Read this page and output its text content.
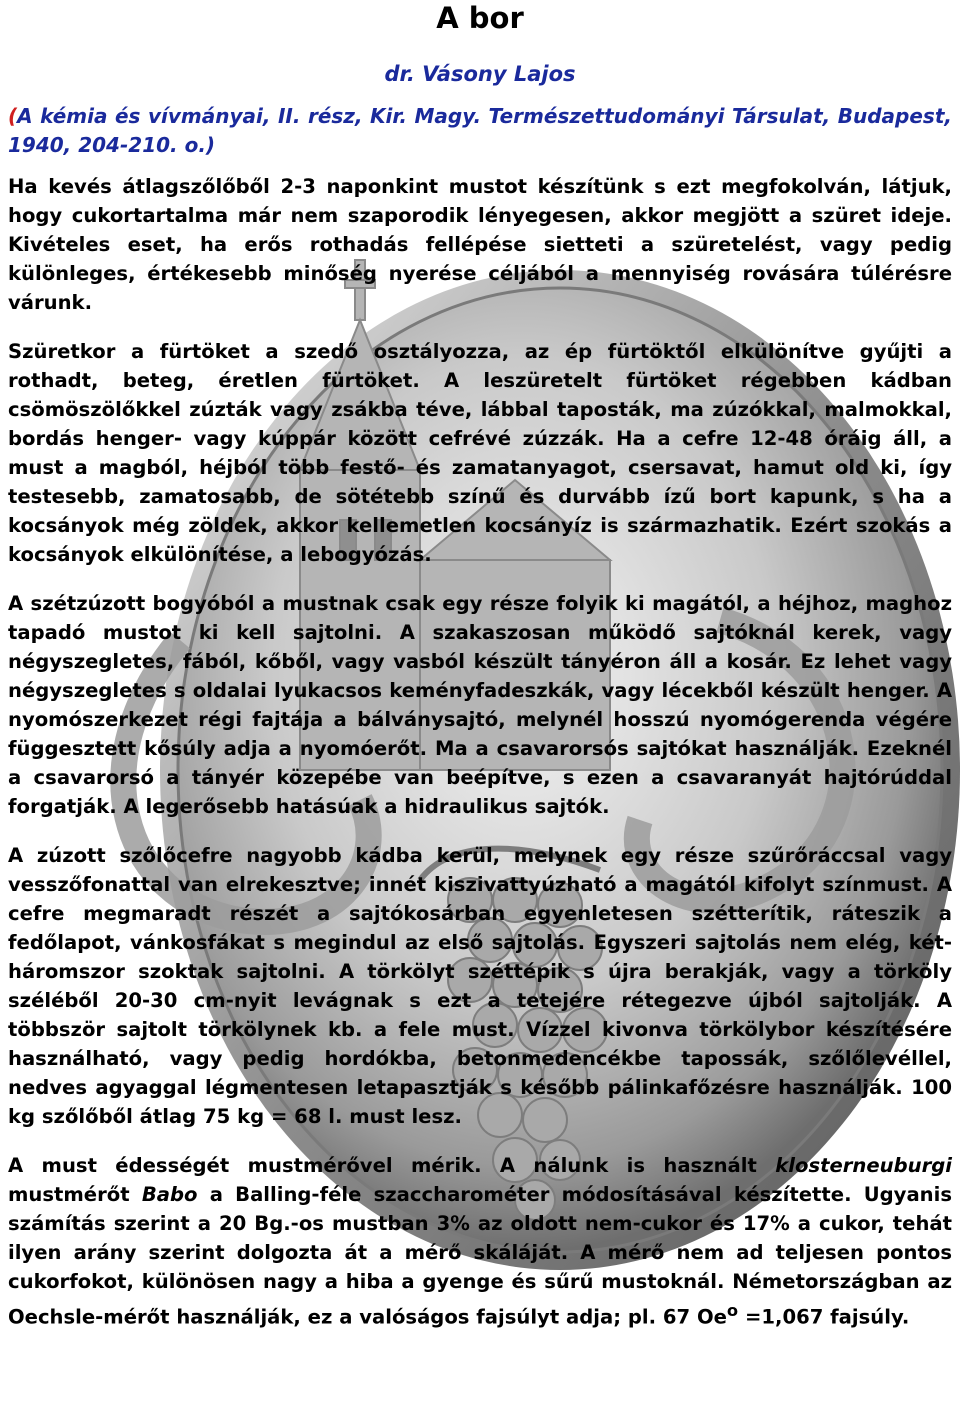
A bor
dr. Vásony Lajos
(A kémia és vívmányai, II. rész, Kir. Magy. Természettudományi Társulat, Budapest, 1940, 204-210. o.)

Ha kevés átlagszőlőből 2-3 naponkint mustot készítünk s ezt megfokolván, látjuk, hogy cukortartalma már nem szaporodik lényegesen, akkor megjött a szüret ideje. Kivételes eset, ha erős rothadás fellépése sietteti a szüretelést, vagy pedig különleges, értékesebb minőség nyerése céljából a mennyiség rovására túlérésre várunk.

Szüretkor a fürtöket a szedő osztályozza, az ép fürtöktől elkülönítve gyűjti a rothadt, beteg, éretlen fürtöket. A leszüretelt fürtöket régebben kádban csömöszölőkkel zúzták vagy zsákba téve, lábbal taposták, ma zúzókkal, malmokkal, bordás henger- vagy kúppár között cefrévé zúzzák. Ha a cefre 12-48 óráig áll, a must a magból, héjból több festő- és zamatanyagot, csersavat, hamut old ki, így testesebb, zamatosabb, de sötétebb színű és durvább ízű bort kapunk, s ha a kocsányok még zöldek, akkor kellemetlen kocsányíz is származhatik. Ezért szokás a kocsányok elkülönítése, a lebogyózás.

A szétzúzott bogyóból a mustnak csak egy része folyik ki magától, a héjhoz, maghoz tapadó mustot ki kell sajtolni. A szakaszosan működő sajtóknál kerek, vagy négyszegletes, fából, kőből, vagy vasból készült tányéron áll a kosár. Ez lehet vagy négyszegletes s oldalai lyukacsos keményfadeszkák, vagy lécekből készült henger. A nyomószerkezet régi fajtája a bálványsajtó, melynél hosszú nyomógerenda végére függesztett kősúly adja a nyomóerőt. Ma a csavarorsós sajtókat használják. Ezeknél a csavarorsó a tányér közepébe van beépítve, s ezen a csavaranyát hajtórúddal forgatják. A legerősebb hatásúak a hidraulikus sajtók.

A zúzott szőlőcefre nagyobb kádba kerül, melynek egy része szűrőráccsal vagy vesszőfonattal van elrekesztve; innét kiszivattyúzható a magától kifolyt színmust. A cefre megmaradt részét a sajtókosárban egyenletesen szétterítik, ráteszik a fedőlapot, vánkosfákat s megindul az első sajtolás. Egyszeri sajtolás nem elég, két-háromszor szoktak sajtolni. A törkölyt széttépik s újra berakják, vagy a törköly széléből 20-30 cm-nyit levágnak s ezt a tetejére rétegezve újból sajtolják. A többször sajtolt törkölynek kb. a fele must. Vízzel kivonva törkölybor készítésére használható, vagy pedig hordókba, betonmedencékbe tapossák, szőlőlevéllel, nedves agyaggal légmentesen letapasztják s később pálinkafőzésre használják. 100 kg szőlőből átlag 75 kg = 68 l. must lesz.

A must édességét mustmérővel mérik. A nálunk is használt klosterneuburgi mustmérőt Babo a Balling-féle szaccharométer módosításával készítette. Ugyanis számítás szerint a 20 Bg.-os mustban 3% az oldott nem-cukor és 17% a cukor, tehát ilyen arány szerint dolgozta át a mérő skáláját. A mérő nem ad teljesen pontos cukorfokot, különösen nagy a hiba a gyenge és sűrű mustoknál. Németországban az Oechsle-mérőt használják, ez a valóságos fajsúlyt adja; pl. 67 $Oe^o =1,067$ fajsúly.
